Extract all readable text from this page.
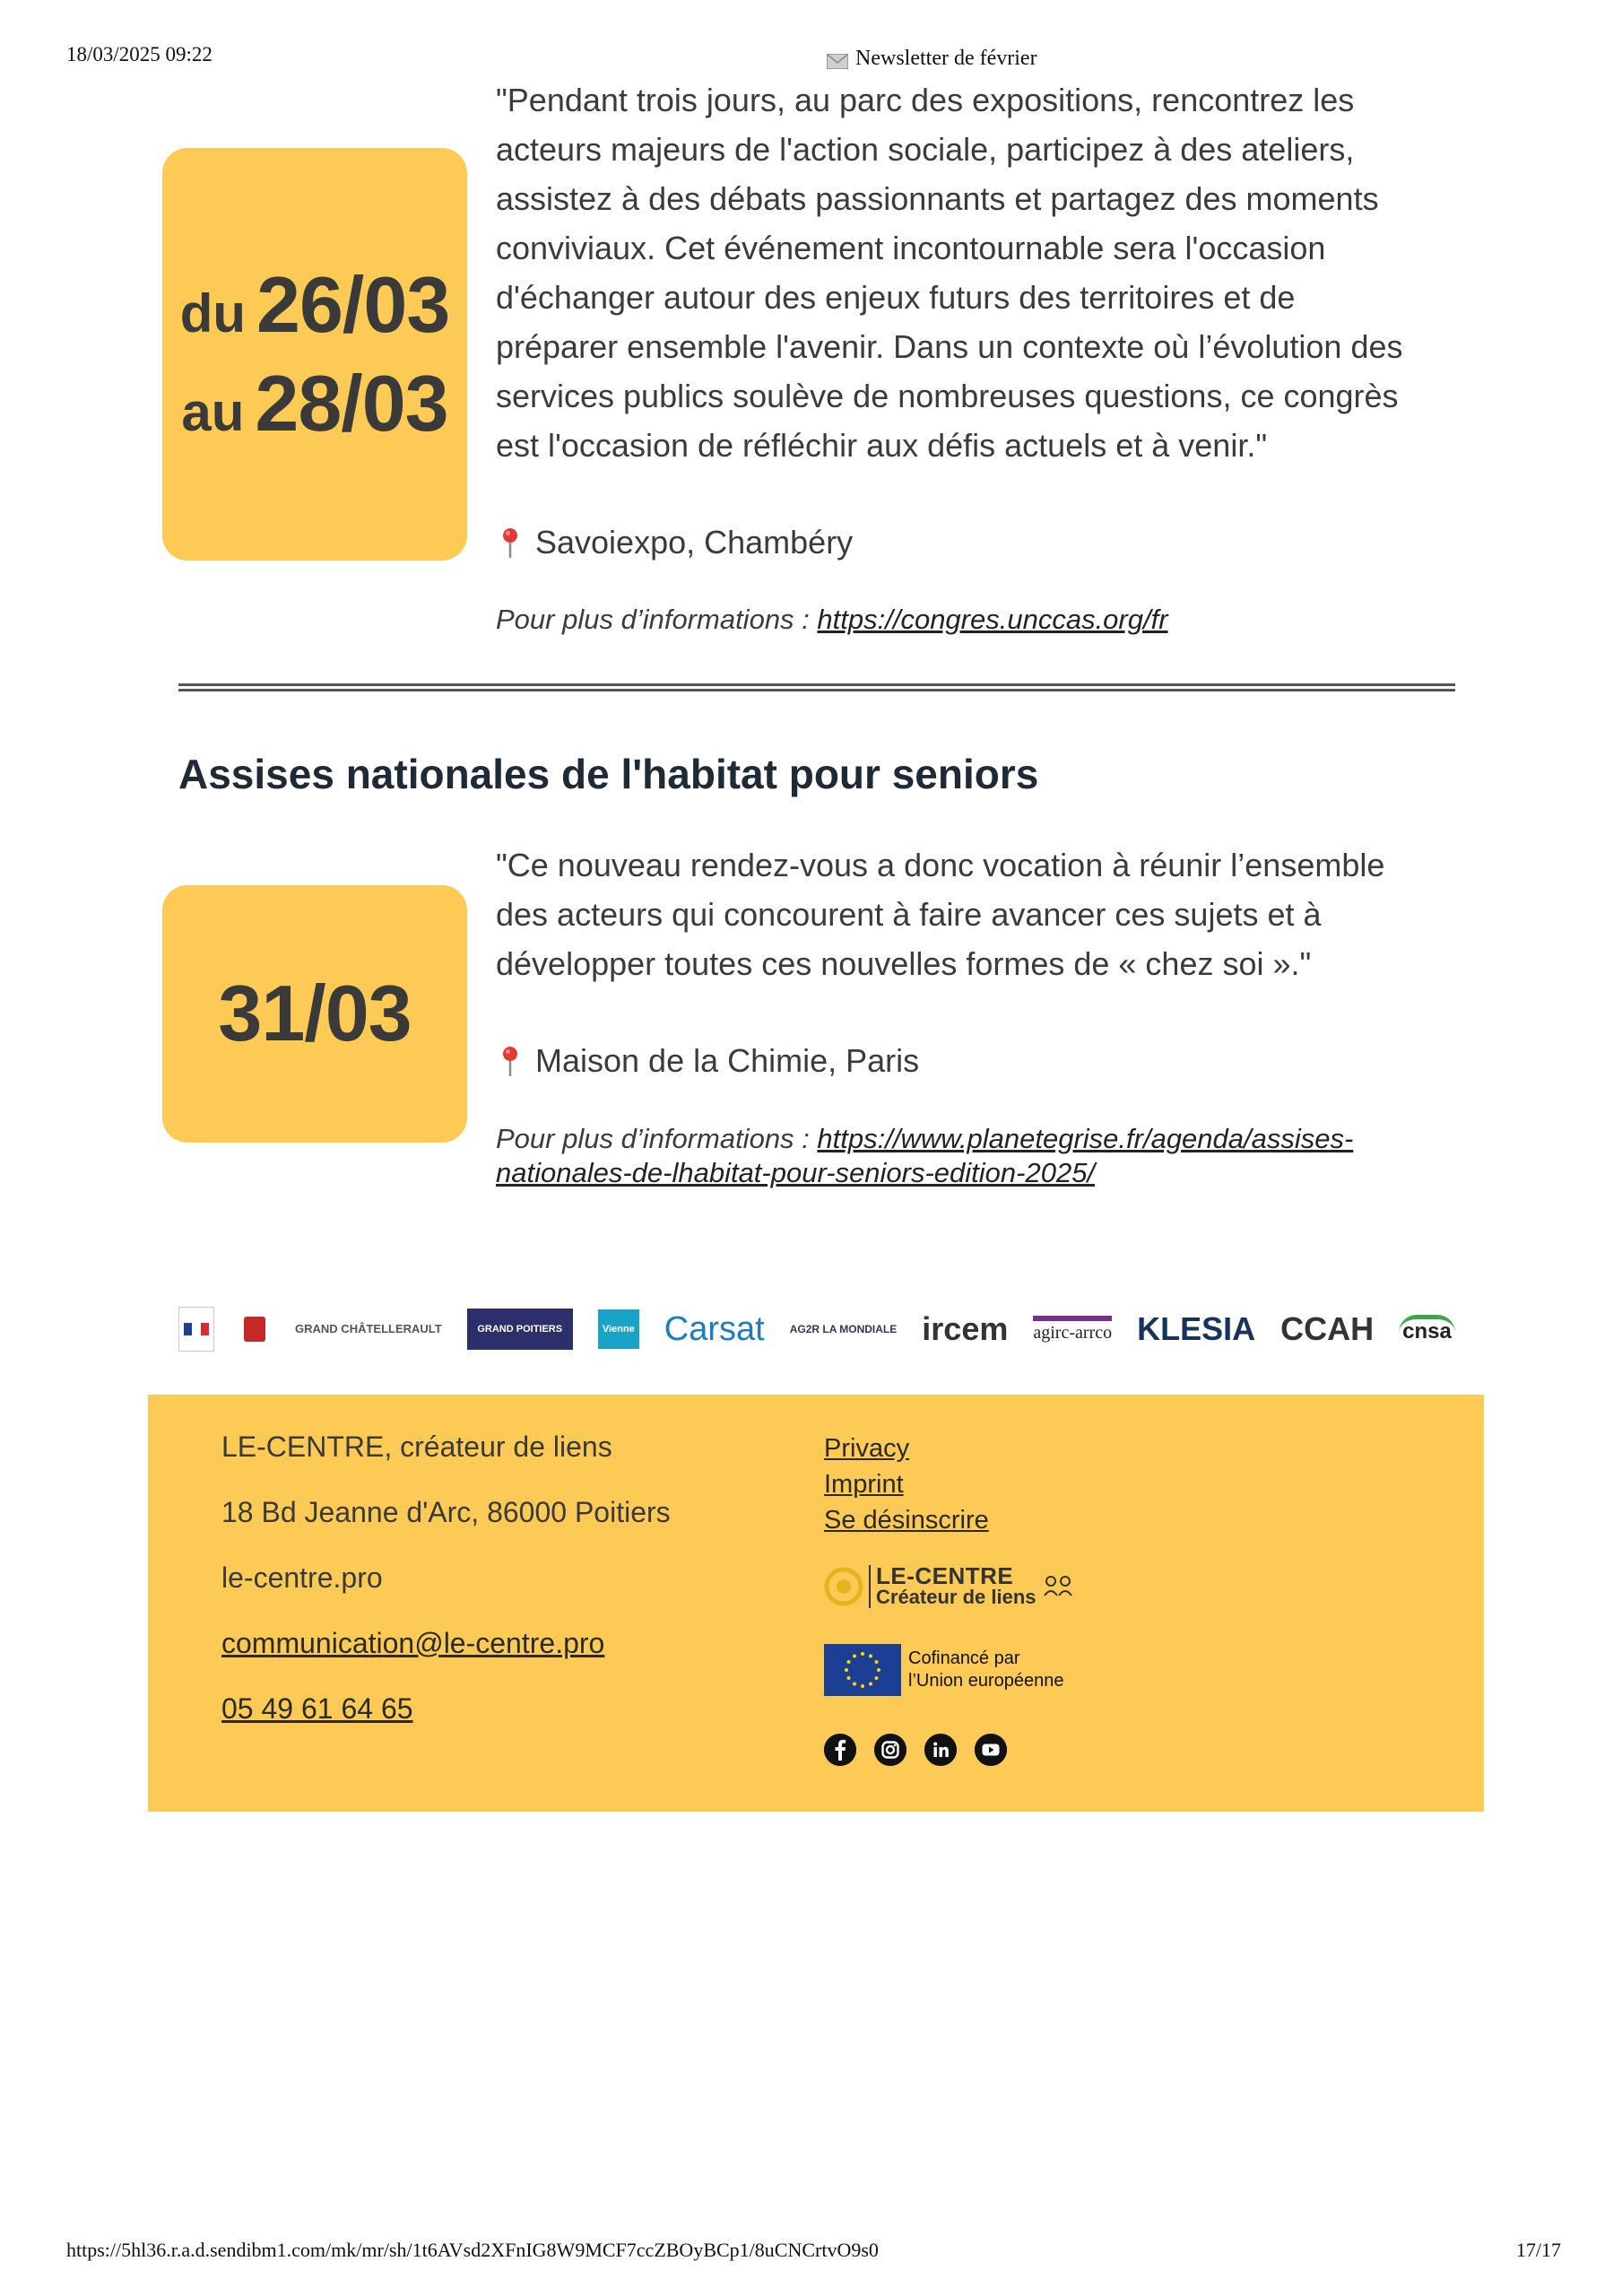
18/03/2025 09:22	Newsletter de février
du 26/03
au 28/03
"Pendant trois jours, au parc des expositions, rencontrez les
acteurs majeurs de l'action sociale, participez à des ateliers,
assistez à des débats passionnants et partagez des moments
conviviaux. Cet événement incontournable sera l'occasion
d'échanger autour des enjeux futurs des territoires et de
préparer ensemble l'avenir. Dans un contexte où l’évolution des
services publics soulève de nombreuses questions, ce congrès
est l'occasion de réfléchir aux défis actuels et à venir."
Savoiexpo, Chambéry
Pour plus d’informations : https://congres.unccas.org/fr
Assises nationales de l'habitat pour seniors
31/03
"Ce nouveau rendez-vous a donc vocation à réunir l’ensemble
des acteurs qui concourent à faire avancer ces sujets et à
développer toutes ces nouvelles formes de « chez soi »."
Maison de la Chimie, Paris
Pour plus d’informations : https://www.planetegrise.fr/agenda/assises-
nationales-de-lhabitat-pour-seniors-edition-2025/
GRAND CHÂTELLERAULT	GRAND POITIERS	Vienne Carsat AG2R LA MONDIALE ircem agirc-arrco KLESIA CCAH cnsa
LE-CENTRE, créateur de liens
18 Bd Jeanne d'Arc, 86000 Poitiers
le-centre.pro
communication@le-centre.pro
05 49 61 64 65
Privacy
Imprint
Se désinscrire
LE-CENTRE
Créateur de liens
Cofinancé par
l’Union européenne
https://5hl36.r.a.d.sendibm1.com/mk/mr/sh/1t6AVsd2XFnIG8W9MCF7ccZBOyBCp1/8uCNCrtvO9s0	17/17
